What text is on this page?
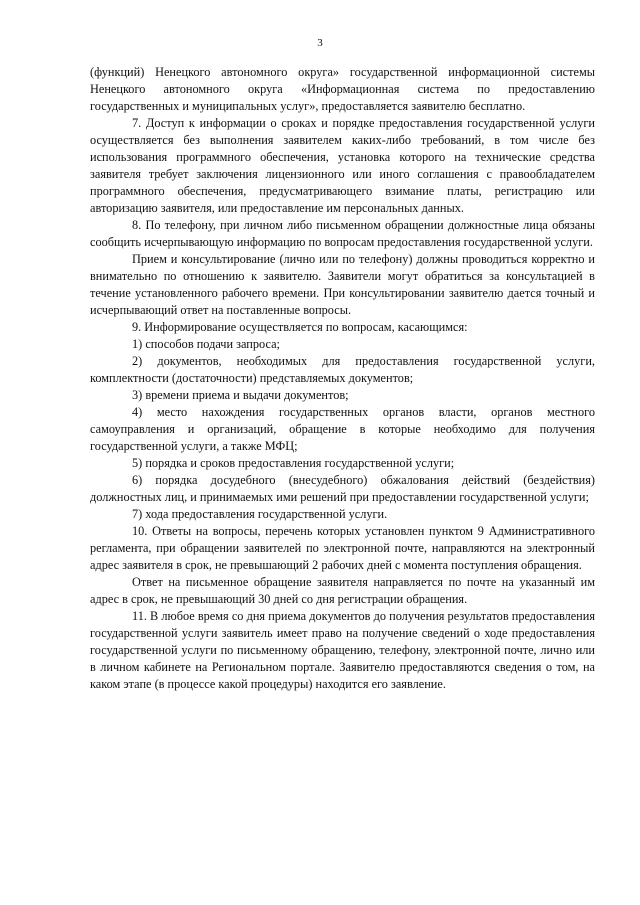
3

(функций) Ненецкого автономного округа» государственной информационной системы Ненецкого автономного округа «Информационная система по предоставлению государственных и муниципальных услуг», предоставляется заявителю бесплатно.

7. Доступ к информации о сроках и порядке предоставления государственной услуги осуществляется без выполнения заявителем каких-либо требований, в том числе без использования программного обеспечения, установка которого на технические средства заявителя требует заключения лицензионного или иного соглашения с правообладателем программного обеспечения, предусматривающего взимание платы, регистрацию или авторизацию заявителя, или предоставление им персональных данных.

8. По телефону, при личном либо письменном обращении должностные лица обязаны сообщить исчерпывающую информацию по вопросам предоставления государственной услуги.

Прием и консультирование (лично или по телефону) должны проводиться корректно и внимательно по отношению к заявителю. Заявители могут обратиться за консультацией в течение установленного рабочего времени. При консультировании заявителю дается точный и исчерпывающий ответ на поставленные вопросы.

9. Информирование осуществляется по вопросам, касающимся:

1) способов подачи запроса;

2) документов, необходимых для предоставления государственной услуги, комплектности (достаточности) представляемых документов;

3) времени приема и выдачи документов;

4) место нахождения государственных органов власти, органов местного самоуправления и организаций, обращение в которые необходимо для получения государственной услуги, а также МФЦ;

5) порядка и сроков предоставления государственной услуги;

6) порядка досудебного (внесудебного) обжалования действий (бездействия) должностных лиц, и принимаемых ими решений при предоставлении государственной услуги;

7) хода предоставления государственной услуги.

10. Ответы на вопросы, перечень которых установлен пунктом 9 Административного регламента, при обращении заявителей по электронной почте, направляются на электронный адрес заявителя в срок, не превышающий 2 рабочих дней с момента поступления обращения.

Ответ на письменное обращение заявителя направляется по почте на указанный им адрес в срок, не превышающий 30 дней со дня регистрации обращения.

11. В любое время со дня приема документов до получения результатов предоставления государственной услуги заявитель имеет право на получение сведений о ходе предоставления государственной услуги по письменному обращению, телефону, электронной почте, лично или в личном кабинете на Региональном портале. Заявителю предоставляются сведения о том, на каком этапе (в процессе какой процедуры) находится его заявление.
